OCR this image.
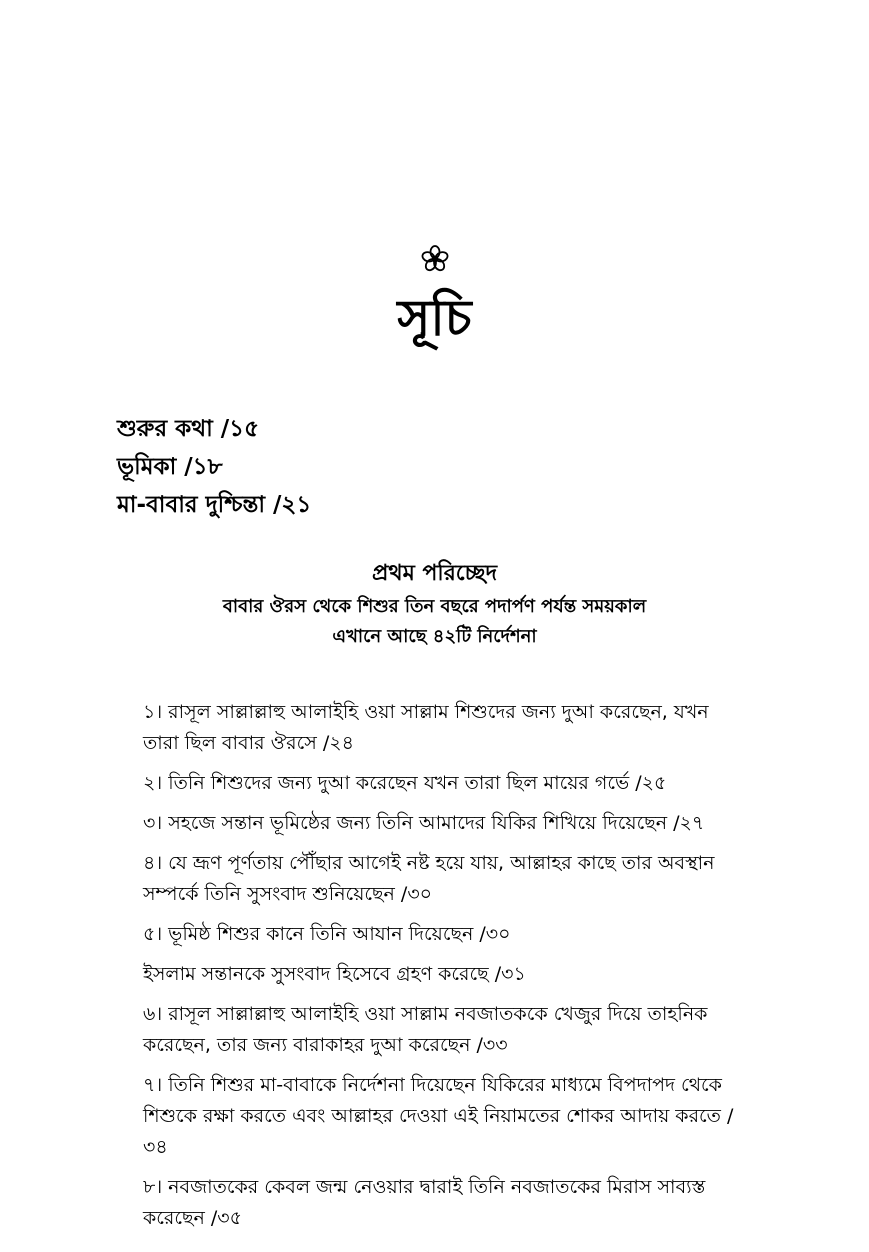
সূচি
শুরুর কথা /১৫
ভূমিকা /১৮
মা-বাবার দুশ্চিন্তা /২১
প্রথম পরিচ্ছেদ
বাবার ঔরস থেকে শিশুর তিন বছরে পদার্পণ পর্যন্ত সময়কাল
এখানে আছে ৪২টি নির্দেশনা
১। রাসূল সাল্লাল্লাহু আলাইহি ওয়া সাল্লাম শিশুদের জন্য দুআ করেছেন, যখন তারা ছিল বাবার ঔরসে /২৪
২। তিনি শিশুদের জন্য দুআ করেছেন যখন তারা ছিল মায়ের গর্ভে /২৫
৩। সহজে সন্তান ভূমিষ্ঠের জন্য তিনি আমাদের যিকির শিখিয়ে দিয়েছেন /২৭
৪। যে ভ্রূণ পূর্ণতায় পৌঁছার আগেই নষ্ট হয়ে যায়, আল্লাহর কাছে তার অবস্থান সম্পর্কে তিনি সুসংবাদ শুনিয়েছেন /৩০
৫। ভূমিষ্ঠ শিশুর কানে তিনি আযান দিয়েছেন /৩০
ইসলাম সন্তানকে সুসংবাদ হিসেবে গ্রহণ করেছে /৩১
৬। রাসূল সাল্লাল্লাহু আলাইহি ওয়া সাল্লাম নবজাতককে খেজুর দিয়ে তাহনিক করেছেন, তার জন্য বারাকাহর দুআ করেছেন /৩৩
৭। তিনি শিশুর মা-বাবাকে নির্দেশনা দিয়েছেন যিকিরের মাধ্যমে বিপদাপদ থেকে শিশুকে রক্ষা করতে এবং আল্লাহর দেওয়া এই নিয়ামতের শোকর আদায় করতে /৩৪
৮। নবজাতকের কেবল জন্ম নেওয়ার দ্বারাই তিনি নবজাতকের মিরাস সাব্যস্ত করেছেন /৩৫
